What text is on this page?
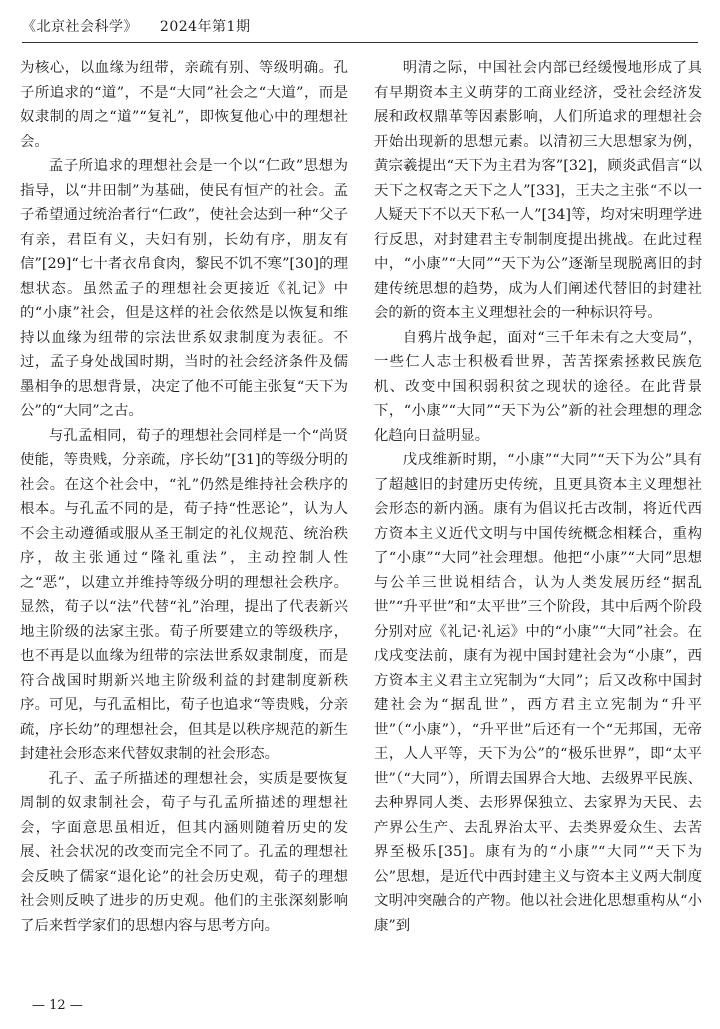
《北京社会科学》 2024年第1期

为核心，以血缘为纽带，亲疏有别、等级明确。孔子所追求的“道”，不是“大同”社会之“大道”，而是奴隶制的周之“道”“复礼”，即恢复他心中的理想社会。

孟子所追求的理想社会是一个以“仁政”思想为指导，以“井田制”为基础，使民有恒产的社会。孟子希望通过统治者行“仁政”，使社会达到一种“父子有亲，君臣有义，夫妇有别，长幼有序，朋友有信”[29]“七十者衣帛食肉，黎民不饥不寒”[30]的理想状态。虽然孟子的理想社会更接近《礼记》中的“小康”社会，但是这样的社会依然是以恢复和维持以血缘为纽带的宗法世系奴隶制度为表征。不过，孟子身处战国时期，当时的社会经济条件及儒墨相争的思想背景，决定了他不可能主张复“天下为公”的“大同”之古。

与孔孟相同，荀子的理想社会同样是一个“尚贤使能，等贵贱，分亲疏，序长幼”[31]的等级分明的社会。在这个社会中，“礼”仍然是维持社会秩序的根本。与孔孟不同的是，荀子持“性恶论”，认为人不会主动遵循或服从圣王制定的礼仪规范、统治秩序，故主张通过“隆礼重法”，主动控制人性之“恶”，以建立并维持等级分明的理想社会秩序。显然，荀子以“法”代替“礼”治理，提出了代表新兴地主阶级的法家主张。荀子所要建立的等级秩序，也不再是以血缘为纽带的宗法世系奴隶制度，而是符合战国时期新兴地主阶级利益的封建制度新秩序。可见，与孔孟相比，荀子也追求“等贵贱，分亲疏，序长幼”的理想社会，但其是以秩序规范的新生封建社会形态来代替奴隶制的社会形态。

孔子、孟子所描述的理想社会，实质是要恢复周制的奴隶制社会，荀子与孔孟所描述的理想社会，字面意思虽相近，但其内涵则随着历史的发展、社会状况的改变而完全不同了。孔孟的理想社会反映了儒家“退化论”的社会历史观，荀子的理想社会则反映了进步的历史观。他们的主张深刻影响了后来哲学家们的思想内容与思考方向。

明清之际，中国社会内部已经缓慢地形成了具有早期资本主义萌芽的工商业经济，受社会经济发展和政权鼎革等因素影响，人们所追求的理想社会开始出现新的思想元素。以清初三大思想家为例，黄宗羲提出“天下为主君为客”[32]，顾炎武倡言“以天下之权寄之天下之人”[33]，王夫之主张“不以一人疑天下不以天下私一人”[34]等，均对宋明理学进行反思，对封建君主专制制度提出挑战。在此过程中，“小康”“大同”“天下为公”逐渐呈现脱离旧的封建传统思想的趋势，成为人们阐述代替旧的封建社会的新的资本主义理想社会的一种标识符号。

自鸦片战争起，面对“三千年未有之大变局”，一些仁人志士积极看世界，苦苦探索拯救民族危机、改变中国积弱积贫之现状的途径。在此背景下，“小康”“大同”“天下为公”新的社会理想的理念化趋向日益明显。

戊戌维新时期，“小康”“大同”“天下为公”具有了超越旧的封建历史传统，且更具资本主义理想社会形态的新内涵。康有为倡议托古改制，将近代西方资本主义近代文明与中国传统概念相糅合，重构了“小康”“大同”社会理想。他把“小康”“大同”思想与公羊三世说相结合，认为人类发展历经“据乱世”“升平世”和“太平世”三个阶段，其中后两个阶段分别对应《礼记·礼运》中的“小康”“大同”社会。在戊戌变法前，康有为视中国封建社会为“小康”，西方资本主义君主立宪制为“大同”；后又改称中国封建社会为“据乱世”，西方君主立宪制为“升平世”（“小康”），“升平世”后还有一个“无邦国，无帝王，人人平等，天下为公”的“极乐世界”，即“太平世”（“大同”），所谓去国界合大地、去级界平民族、去种界同人类、去形界保独立、去家界为天民、去产界公生产、去乱界治太平、去类界爱众生、去苦界至极乐[35]。康有为的“小康”“大同”“天下为公”思想，是近代中西封建主义与资本主义两大制度文明冲突融合的产物。他以社会进化思想重构从“小康”到

— 12 —
